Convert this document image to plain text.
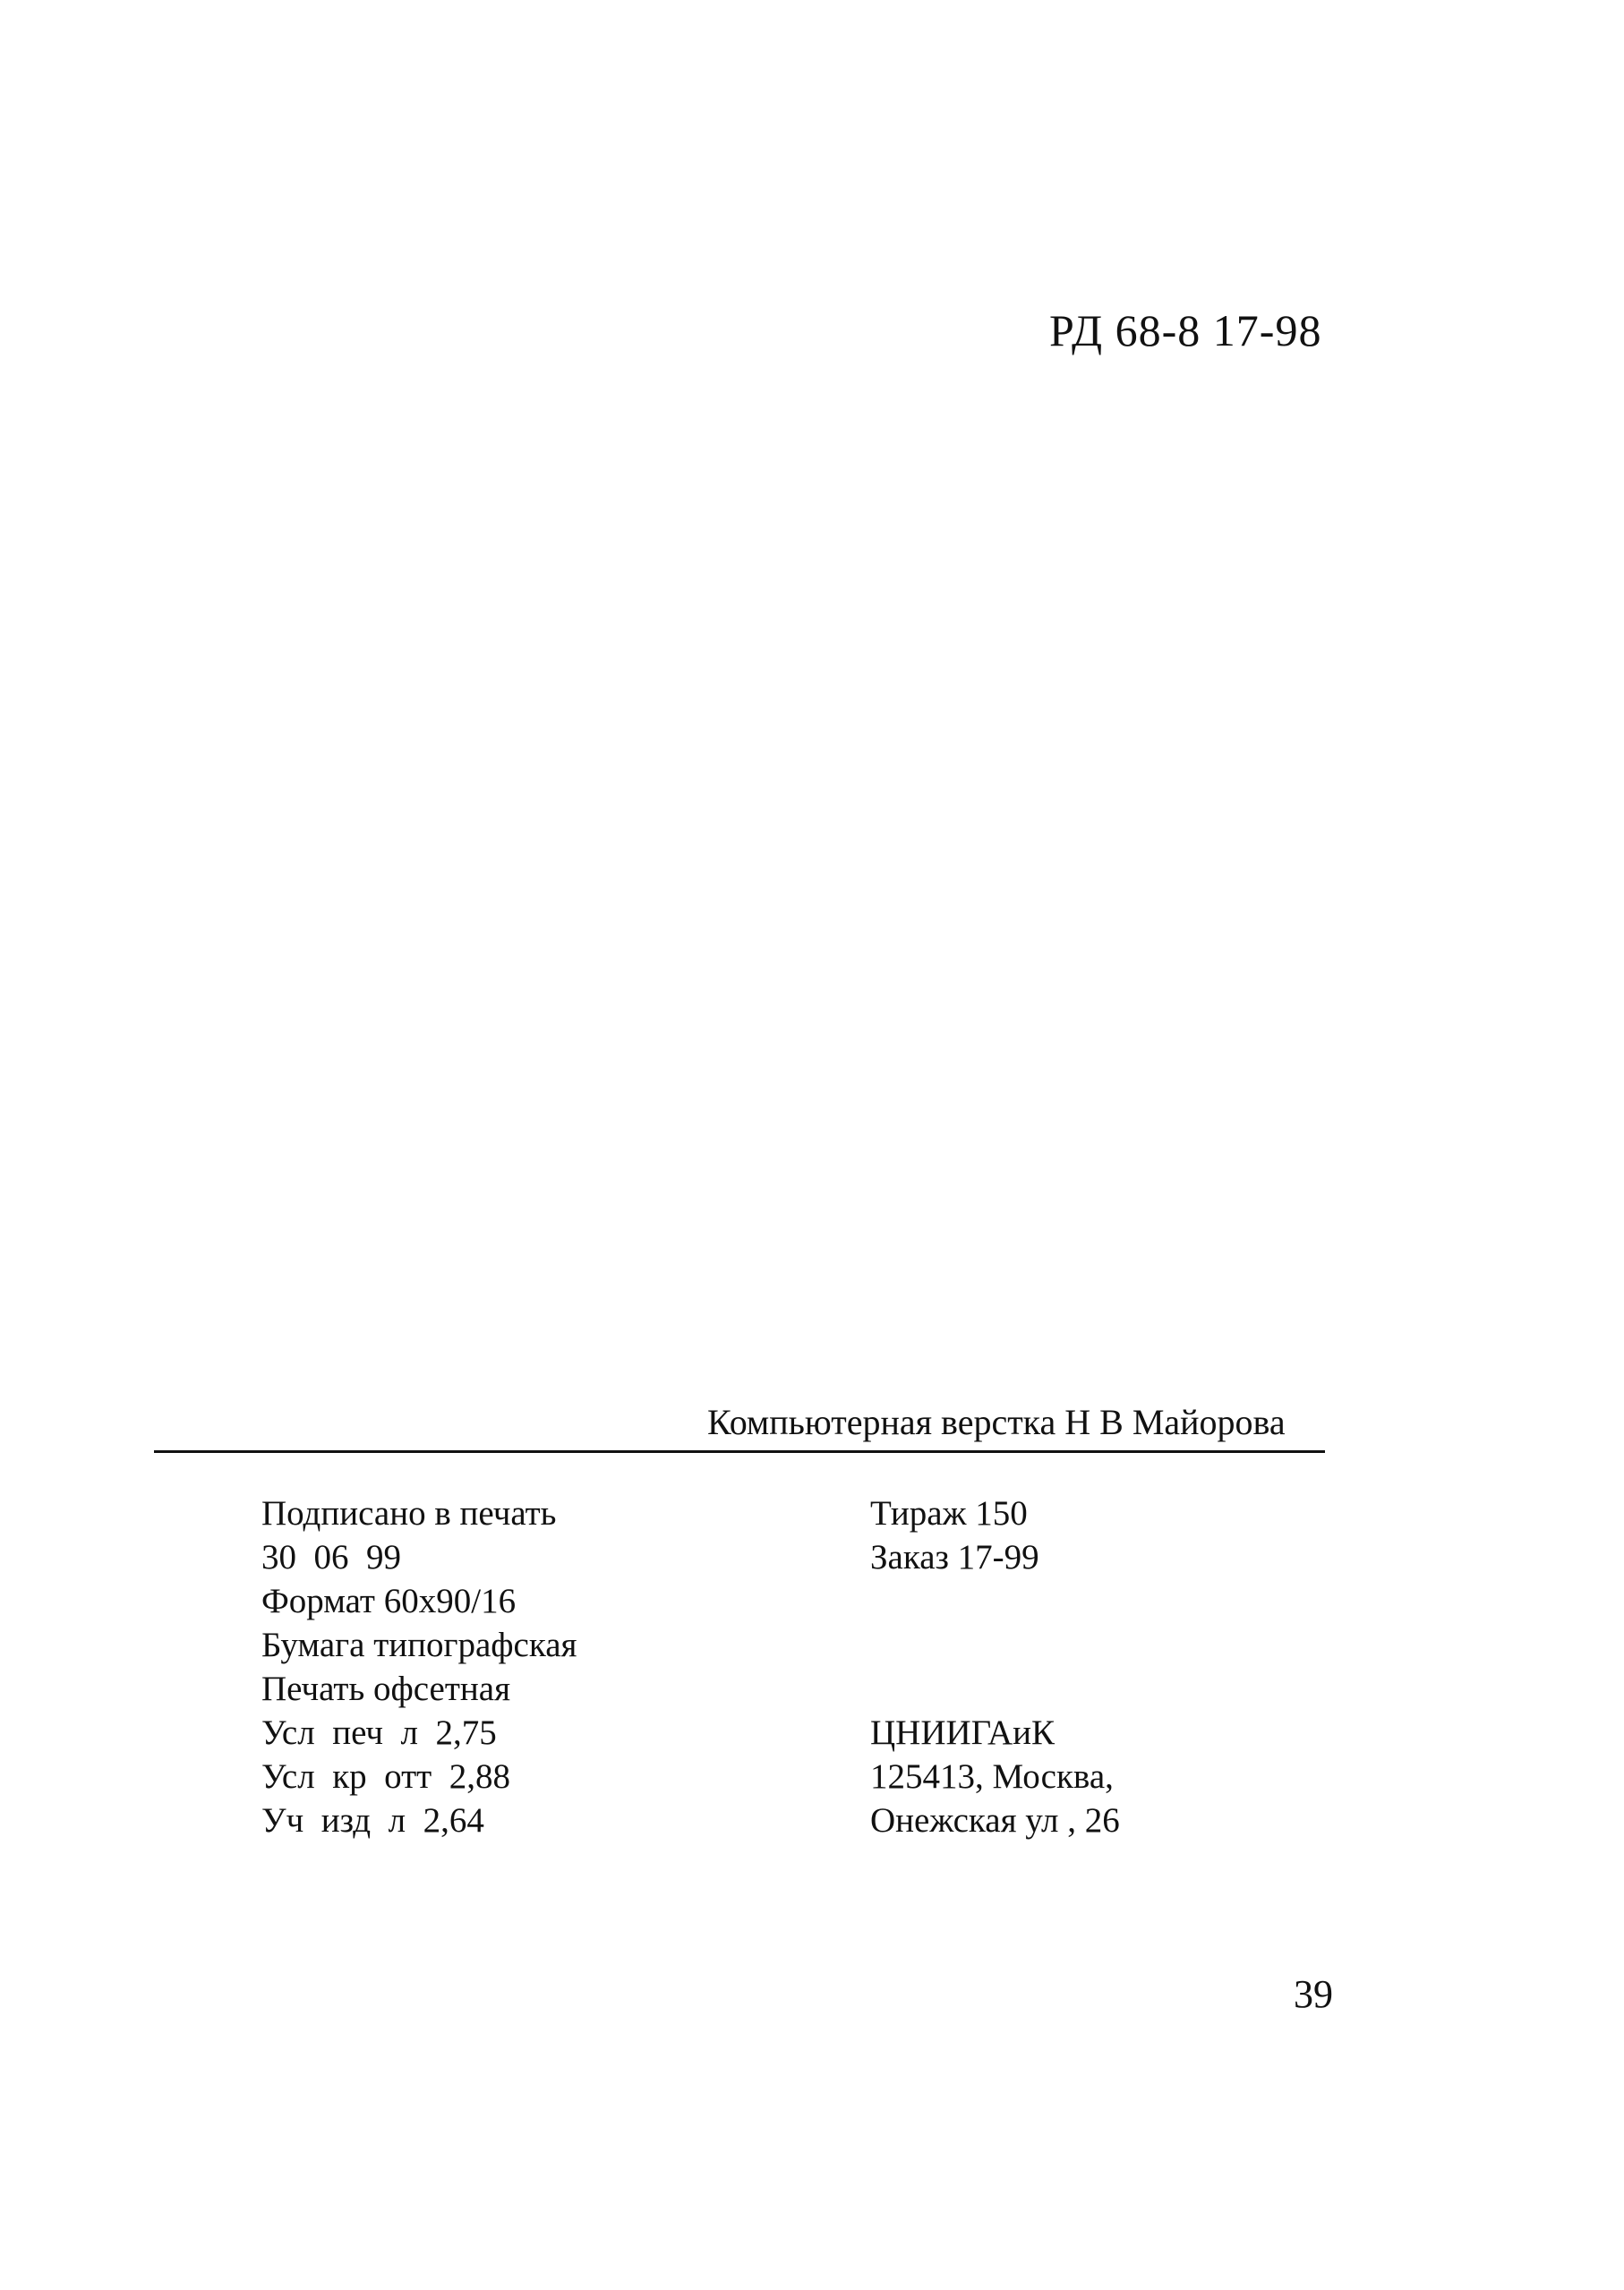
РД 68-8 17-98
Компьютерная верстка Н В Майорова
Подписано в печать
30  06  99
Формат 60х90/16
Бумага типографская
Печать офсетная
Усл  печ  л  2,75
Усл  кр  отт  2,88
Уч  изд  л  2,64
Тираж 150
Заказ 17-99
ЦНИИГАиК
125413, Москва,
Онежская ул , 26
39
